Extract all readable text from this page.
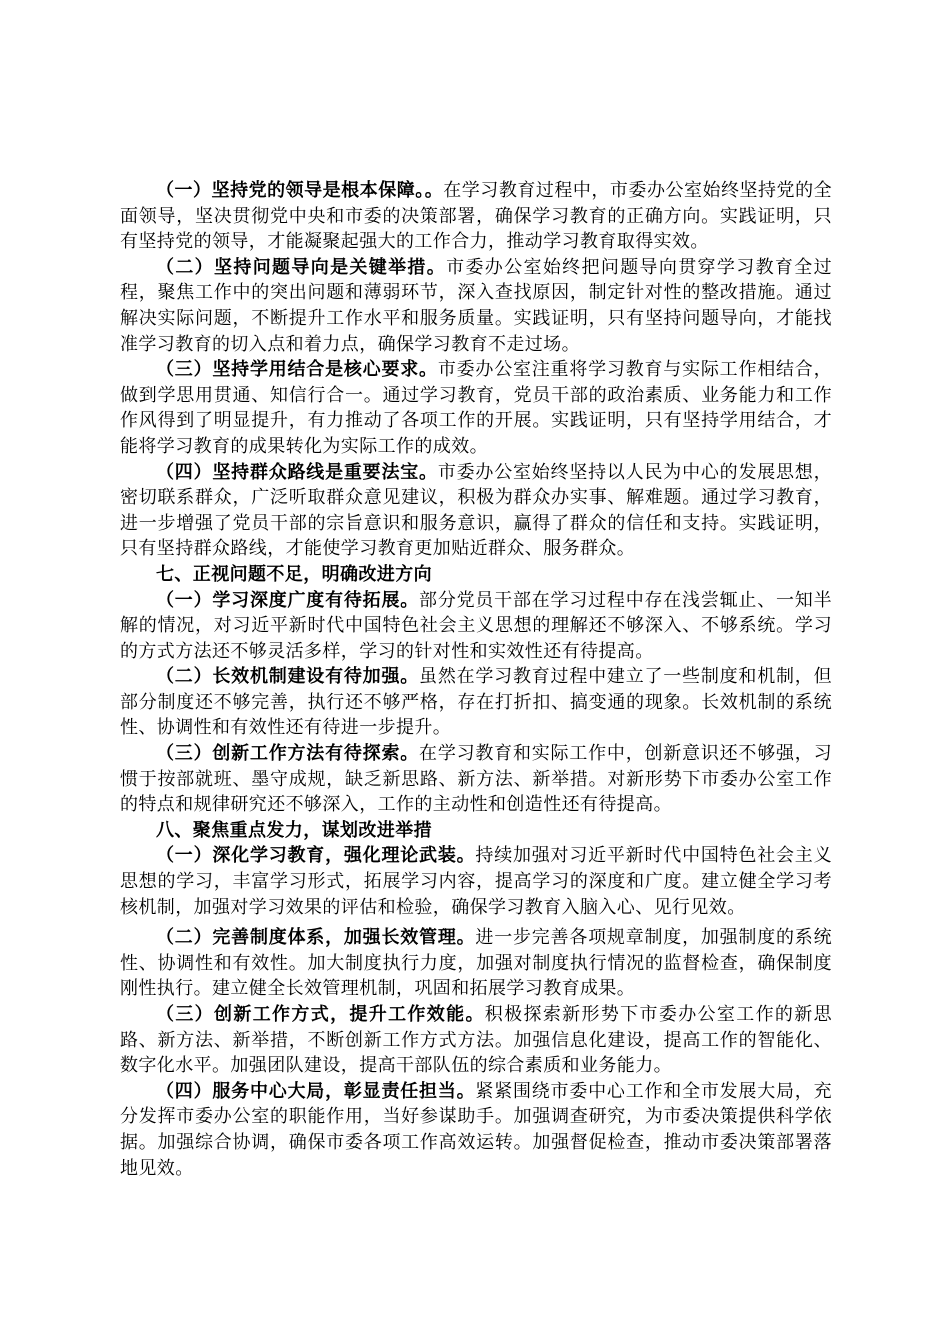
（一）坚持党的领导是根本保障。。在学习教育过程中，市委办公室始终坚持党的全面领导，坚决贯彻党中央和市委的决策部署，确保学习教育的正确方向。实践证明，只有坚持党的领导，才能凝聚起强大的工作合力，推动学习教育取得实效。

（二）坚持问题导向是关键举措。市委办公室始终把问题导向贯穿学习教育全过程，聚焦工作中的突出问题和薄弱环节，深入查找原因，制定针对性的整改措施。通过解决实际问题，不断提升工作水平和服务质量。实践证明，只有坚持问题导向，才能找准学习教育的切入点和着力点，确保学习教育不走过场。

（三）坚持学用结合是核心要求。市委办公室注重将学习教育与实际工作相结合，做到学思用贯通、知信行合一。通过学习教育，党员干部的政治素质、业务能力和工作作风得到了明显提升，有力推动了各项工作的开展。实践证明，只有坚持学用结合，才能将学习教育的成果转化为实际工作的成效。

（四）坚持群众路线是重要法宝。市委办公室始终坚持以人民为中心的发展思想，密切联系群众，广泛听取群众意见建议，积极为群众办实事、解难题。通过学习教育，进一步增强了党员干部的宗旨意识和服务意识，赢得了群众的信任和支持。实践证明，只有坚持群众路线，才能使学习教育更加贴近群众、服务群众。

七、正视问题不足，明确改进方向

（一）学习深度广度有待拓展。部分党员干部在学习过程中存在浅尝辄止、一知半解的情况，对习近平新时代中国特色社会主义思想的理解还不够深入、不够系统。学习的方式方法还不够灵活多样，学习的针对性和实效性还有待提高。

（二）长效机制建设有待加强。虽然在学习教育过程中建立了一些制度和机制，但部分制度还不够完善，执行还不够严格，存在打折扣、搞变通的现象。长效机制的系统性、协调性和有效性还有待进一步提升。

（三）创新工作方法有待探索。在学习教育和实际工作中，创新意识还不够强，习惯于按部就班、墨守成规，缺乏新思路、新方法、新举措。对新形势下市委办公室工作的特点和规律研究还不够深入，工作的主动性和创造性还有待提高。

八、聚焦重点发力，谋划改进举措

（一）深化学习教育，强化理论武装。持续加强对习近平新时代中国特色社会主义思想的学习，丰富学习形式，拓展学习内容，提高学习的深度和广度。建立健全学习考核机制，加强对学习效果的评估和检验，确保学习教育入脑入心、见行见效。

（二）完善制度体系，加强长效管理。进一步完善各项规章制度，加强制度的系统性、协调性和有效性。加大制度执行力度，加强对制度执行情况的监督检查，确保制度刚性执行。建立健全长效管理机制，巩固和拓展学习教育成果。

（三）创新工作方式，提升工作效能。积极探索新形势下市委办公室工作的新思路、新方法、新举措，不断创新工作方式方法。加强信息化建设，提高工作的智能化、数字化水平。加强团队建设，提高干部队伍的综合素质和业务能力。

（四）服务中心大局，彰显责任担当。紧紧围绕市委中心工作和全市发展大局，充分发挥市委办公室的职能作用，当好参谋助手。加强调查研究，为市委决策提供科学依据。加强综合协调，确保市委各项工作高效运转。加强督促检查，推动市委决策部署落地见效。
